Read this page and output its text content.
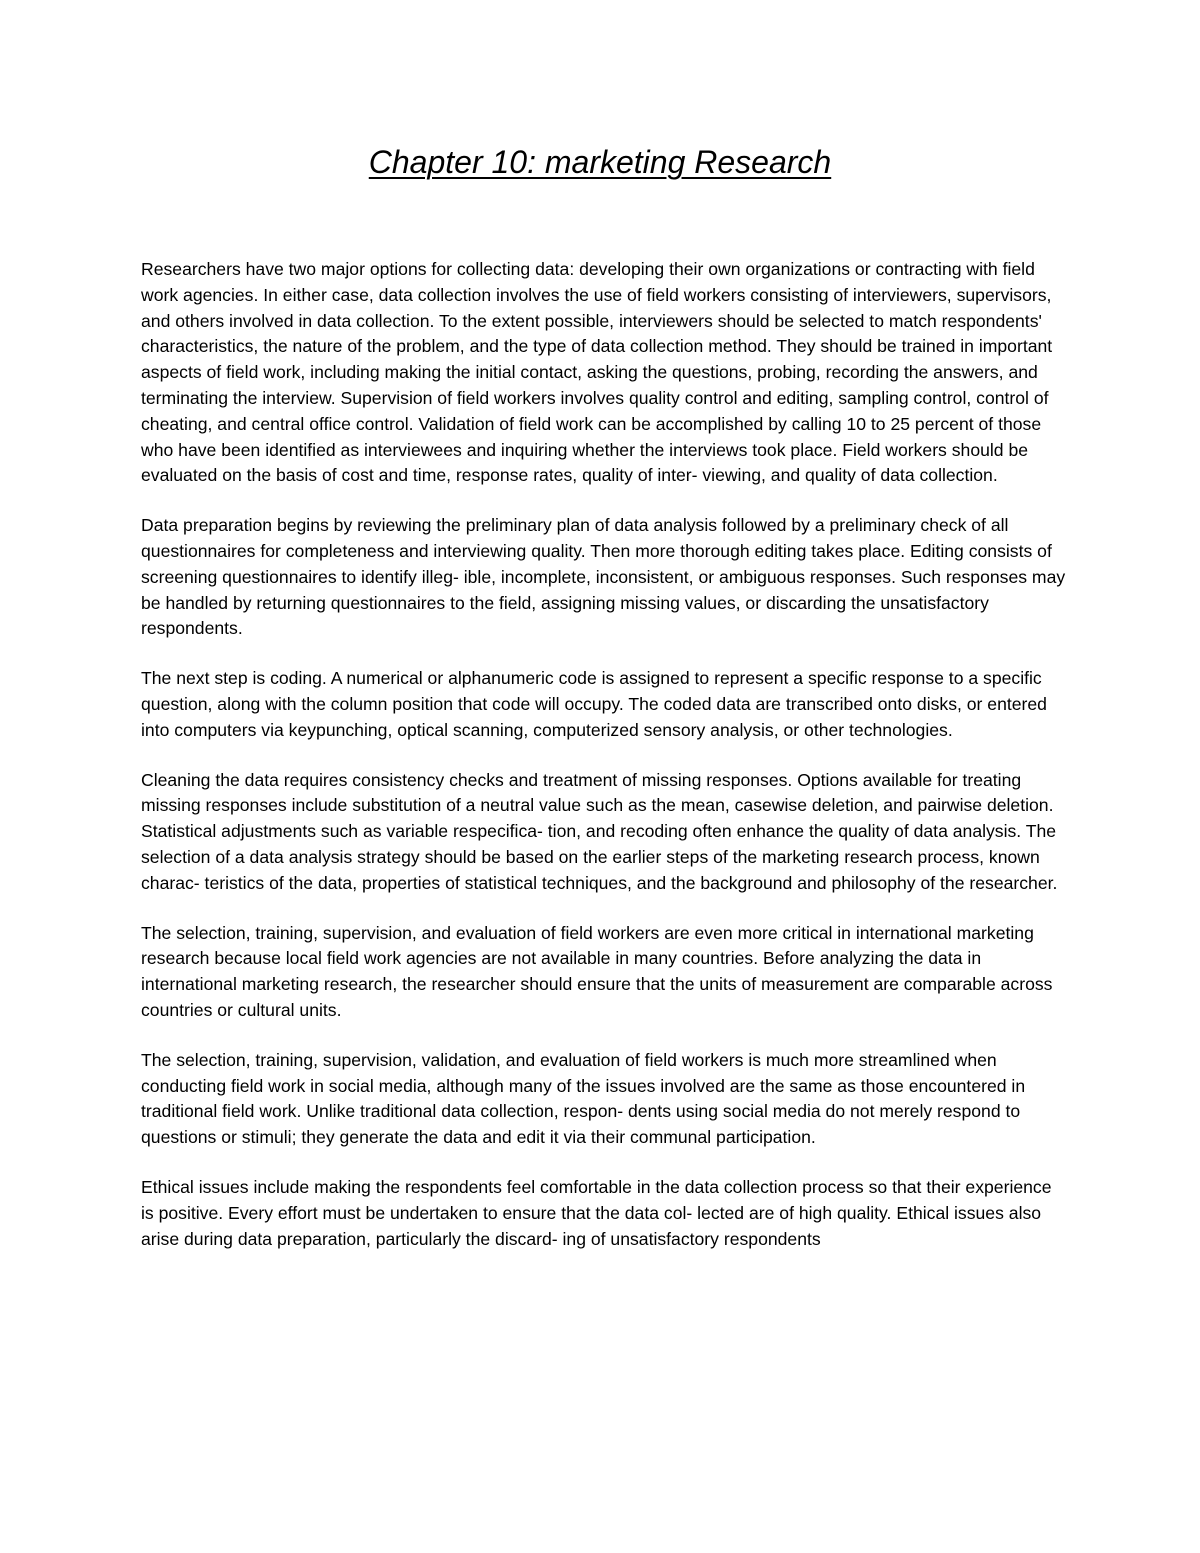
Chapter 10: marketing Research

Researchers have two major options for collecting data: developing their own organizations or contracting with field work agencies. In either case, data collection involves the use of field workers consisting of interviewers, supervisors, and others involved in data collection. To the extent possible, interviewers should be selected to match respondents' characteristics, the nature of the problem, and the type of data collection method. They should be trained in important aspects of field work, including making the initial contact, asking the questions, probing, recording the answers, and terminating the interview. Supervision of field workers involves quality control and editing, sampling control, control of cheating, and central office control. Validation of field work can be accomplished by calling 10 to 25 percent of those who have been identified as interviewees and inquiring whether the interviews took place. Field workers should be evaluated on the basis of cost and time, response rates, quality of inter- viewing, and quality of data collection.

Data preparation begins by reviewing the preliminary plan of data analysis followed by a preliminary check of all questionnaires for completeness and interviewing quality. Then more thorough editing takes place. Editing consists of screening questionnaires to identify illeg- ible, incomplete, inconsistent, or ambiguous responses. Such responses may be handled by returning questionnaires to the field, assigning missing values, or discarding the unsatisfactory respondents.

The next step is coding. A numerical or alphanumeric code is assigned to represent a specific response to a specific question, along with the column position that code will occupy. The coded data are transcribed onto disks, or entered into computers via keypunching, optical scanning, computerized sensory analysis, or other technologies.

Cleaning the data requires consistency checks and treatment of missing responses. Options available for treating missing responses include substitution of a neutral value such as the mean, casewise deletion, and pairwise deletion. Statistical adjustments such as variable respecifica- tion, and recoding often enhance the quality of data analysis. The selection of a data analysis strategy should be based on the earlier steps of the marketing research process, known charac- teristics of the data, properties of statistical techniques, and the background and philosophy of the researcher.

The selection, training, supervision, and evaluation of field workers are even more critical in international marketing research because local field work agencies are not available in many countries. Before analyzing the data in international marketing research, the researcher should ensure that the units of measurement are comparable across countries or cultural units.

The selection, training, supervision, validation, and evaluation of field workers is much more streamlined when conducting field work in social media, although many of the issues involved are the same as those encountered in traditional field work. Unlike traditional data collection, respon- dents using social media do not merely respond to questions or stimuli; they generate the data and edit it via their communal participation.

Ethical issues include making the respondents feel comfortable in the data collection process so that their experience is positive. Every effort must be undertaken to ensure that the data col- lected are of high quality. Ethical issues also arise during data preparation, particularly the discard- ing of unsatisfactory respondents
